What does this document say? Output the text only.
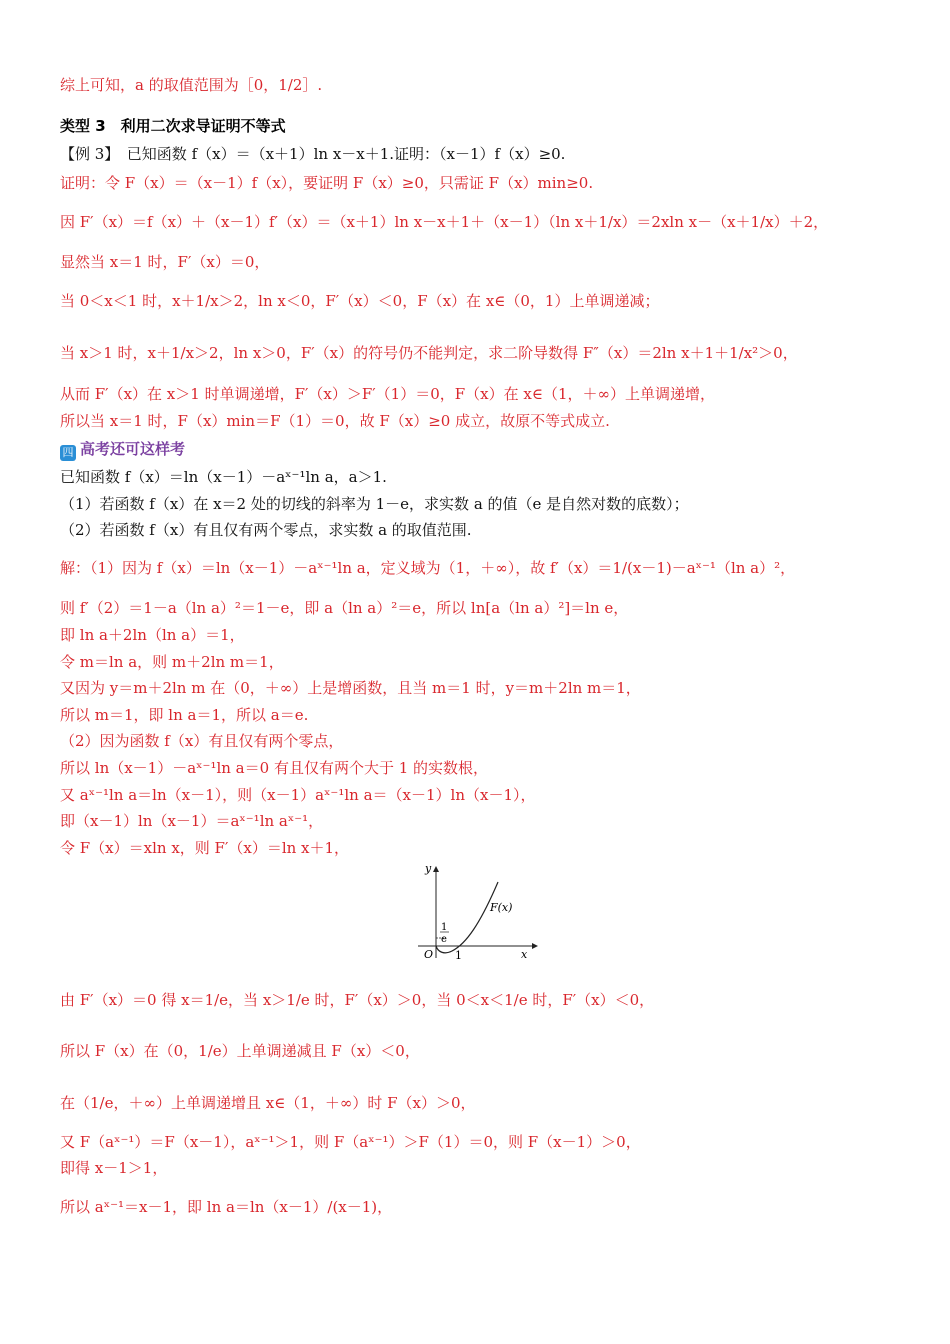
综上可知，a 的取值范围为［0，1/2］.
类型 3　利用二次求导证明不等式
【例 3】　已知函数 f（x）＝（x＋1）ln x－x＋1.证明：（x－1）f（x）≥0.
证明：令 F（x）＝（x－1）f（x），要证明 F（x）≥0，只需证 F（x）min≥0.
因 F′（x）＝f（x）＋（x－1）f′（x）＝（x＋1）ln x－x＋1＋（x－1）（ln x＋1/x）＝2xln x－（x＋1/x）＋2，
显然当 x＝1 时，F′（x）＝0，
当 0＜x＜1 时，x＋1/x＞2，ln x＜0，F′（x）＜0，F（x）在 x∈（0，1）上单调递减；
当 x＞1 时，x＋1/x＞2，ln x＞0，F′（x）的符号仍不能判定，求二阶导数得 F″（x）＝2ln x＋1＋1/x²＞0，
从而 F′（x）在 x＞1 时单调递增，F′（x）＞F′（1）＝0，F（x）在 x∈（1，＋∞）上单调递增，
所以当 x＝1 时，F（x）min＝F（1）＝0，故 F（x）≥0 成立，故原不等式成立.
四 高考还可这样考
已知函数 f（x）＝ln（x－1）－aˣ⁻¹ln a，a＞1.
（1）若函数 f（x）在 x＝2 处的切线的斜率为 1－e，求实数 a 的值（e 是自然对数的底数）；
（2）若函数 f（x）有且仅有两个零点，求实数 a 的取值范围.
解：（1）因为 f（x）＝ln（x－1）－aˣ⁻¹ln a，定义域为（1，＋∞），故 f′（x）＝1/(x－1)－aˣ⁻¹（ln a）²，
则 f′（2）＝1－a（ln a）²＝1－e，即 a（ln a）²＝e，所以 ln[a（ln a）²]＝ln e，
即 ln a＋2ln（ln a）＝1，
令 m＝ln a，则 m＋2ln m＝1，
又因为 y＝m＋2ln m 在（0，＋∞）上是增函数，且当 m＝1 时，y＝m＋2ln m＝1，
所以 m＝1，即 ln a＝1，所以 a＝e.
（2）因为函数 f（x）有且仅有两个零点，
所以 ln（x－1）－aˣ⁻¹ln a＝0 有且仅有两个大于 1 的实数根，
又 aˣ⁻¹ln a＝ln（x－1），则（x－1）aˣ⁻¹ln a＝（x－1）ln（x－1），
即（x－1）ln（x－1）＝aˣ⁻¹ln aˣ⁻¹，
令 F（x）＝xln x，则 F′（x）＝ln x＋1，
由 F′（x）＝0 得 x＝1/e，当 x＞1/e 时，F′（x）＞0，当 0＜x＜1/e 时，F′（x）＜0，
所以 F（x）在（0，1/e）上单调递减且 F（x）＜0，
在（1/e，＋∞）上单调递增且 x∈（1，＋∞）时 F（x）＞0，
又 F（aˣ⁻¹）＝F（x－1），aˣ⁻¹＞1，则 F（aˣ⁻¹）＞F（1）＝0，则 F（x－1）＞0，
即得 x－1＞1，
所以 aˣ⁻¹＝x－1，即 ln a＝ln（x－1）/(x－1)，
y
x
O 1
1
e
F(x)
